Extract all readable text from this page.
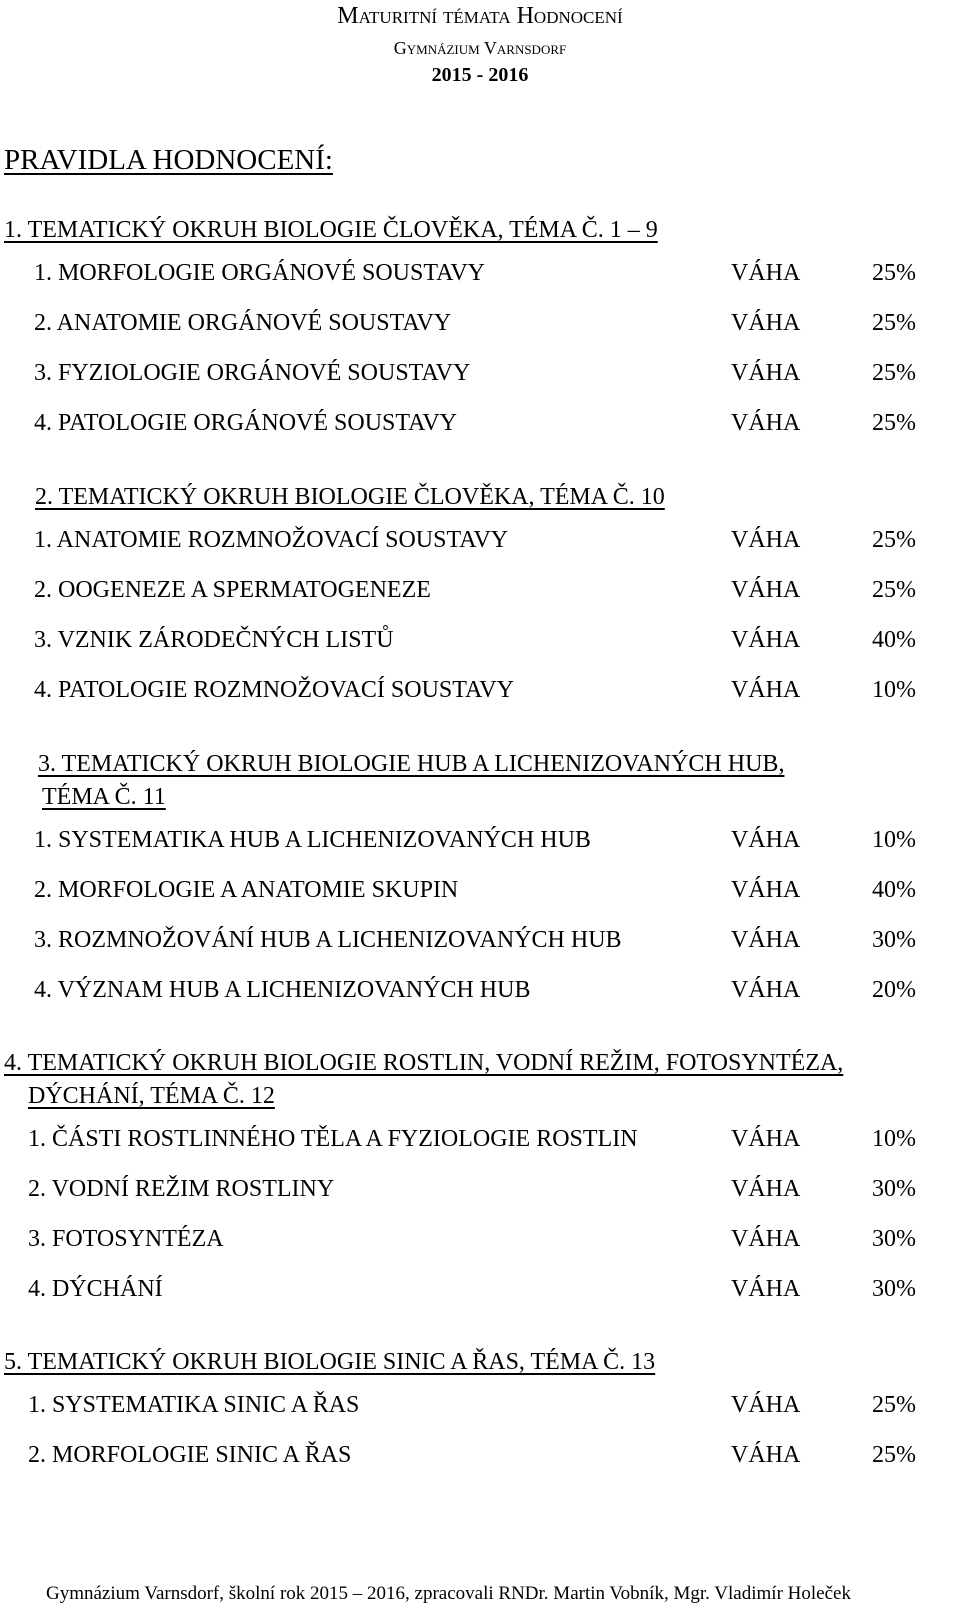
Maturitní témata Hodnocení
Gymnázium Varnsdorf
2015 - 2016
PRAVIDLA HODNOCENÍ:
1. TEMATICKÝ OKRUH BIOLOGIE ČLOVĚKA, TÉMA Č. 1 – 9
1. MORFOLOGIE ORGÁNOVÉ SOUSTAVY	VÁHA	25%
2. ANATOMIE ORGÁNOVÉ SOUSTAVY	VÁHA	25%
3. FYZIOLOGIE ORGÁNOVÉ SOUSTAVY	VÁHA	25%
4. PATOLOGIE ORGÁNOVÉ SOUSTAVY	VÁHA	25%
2. TEMATICKÝ OKRUH BIOLOGIE ČLOVĚKA, TÉMA Č. 10
1. ANATOMIE ROZMNOŽOVACÍ SOUSTAVY	VÁHA	25%
2. OOGENEZE A SPERMATOGENEZE	VÁHA	25%
3. VZNIK ZÁRODEČNÝCH LISTŮ	VÁHA	40%
4. PATOLOGIE ROZMNOŽOVACÍ SOUSTAVY	VÁHA	10%
3. TEMATICKÝ OKRUH BIOLOGIE HUB A LICHENIZOVANÝCH HUB,
TÉMA Č. 11
1. SYSTEMATIKA HUB A LICHENIZOVANÝCH HUB	VÁHA	10%
2. MORFOLOGIE A ANATOMIE SKUPIN	VÁHA	40%
3. ROZMNOŽOVÁNÍ HUB A LICHENIZOVANÝCH HUB	VÁHA	30%
4. VÝZNAM HUB A LICHENIZOVANÝCH HUB	VÁHA	20%
4. TEMATICKÝ OKRUH BIOLOGIE ROSTLIN, VODNÍ REŽIM, FOTOSYNTÉZA,
DÝCHÁNÍ, TÉMA Č. 12
1. ČÁSTI ROSTLINNÉHO TĚLA A FYZIOLOGIE ROSTLIN	VÁHA	10%
2. VODNÍ REŽIM ROSTLINY	VÁHA	30%
3. FOTOSYNTÉZA	VÁHA	30%
4. DÝCHÁNÍ	VÁHA	30%
5. TEMATICKÝ OKRUH BIOLOGIE SINIC A ŘAS, TÉMA Č. 13
1. SYSTEMATIKA SINIC A ŘAS	VÁHA	25%
2. MORFOLOGIE SINIC A ŘAS	VÁHA	25%

Gymnázium Varnsdorf, školní rok 2015 – 2016, zpracovali RNDr. Martin Vobník, Mgr. Vladimír Holeček
